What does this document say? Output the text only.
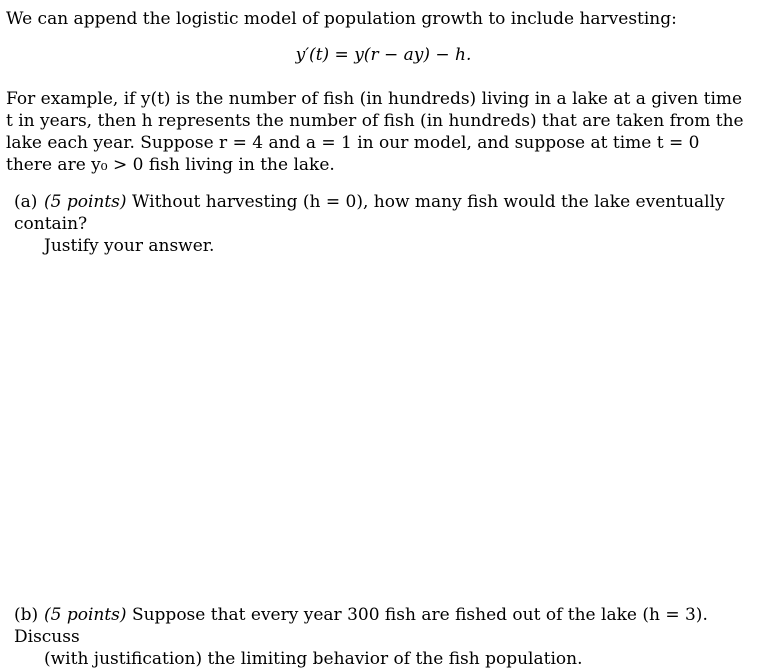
We can append the logistic model of population growth to include harvesting:
y′(t) = y(r − ay) − h.
For example, if y(t) is the number of fish (in hundreds) living in a lake at a given time t in years, then h represents the number of fish (in hundreds) that are taken from the lake each year. Suppose r = 4 and a = 1 in our model, and suppose at time t = 0 there are y₀ > 0 fish living in the lake.
(a) (5 points) Without harvesting (h = 0), how many fish would the lake eventually contain?
Justify your answer.
(b) (5 points) Suppose that every year 300 fish are fished out of the lake (h = 3). Discuss
(with justification) the limiting behavior of the fish population.
